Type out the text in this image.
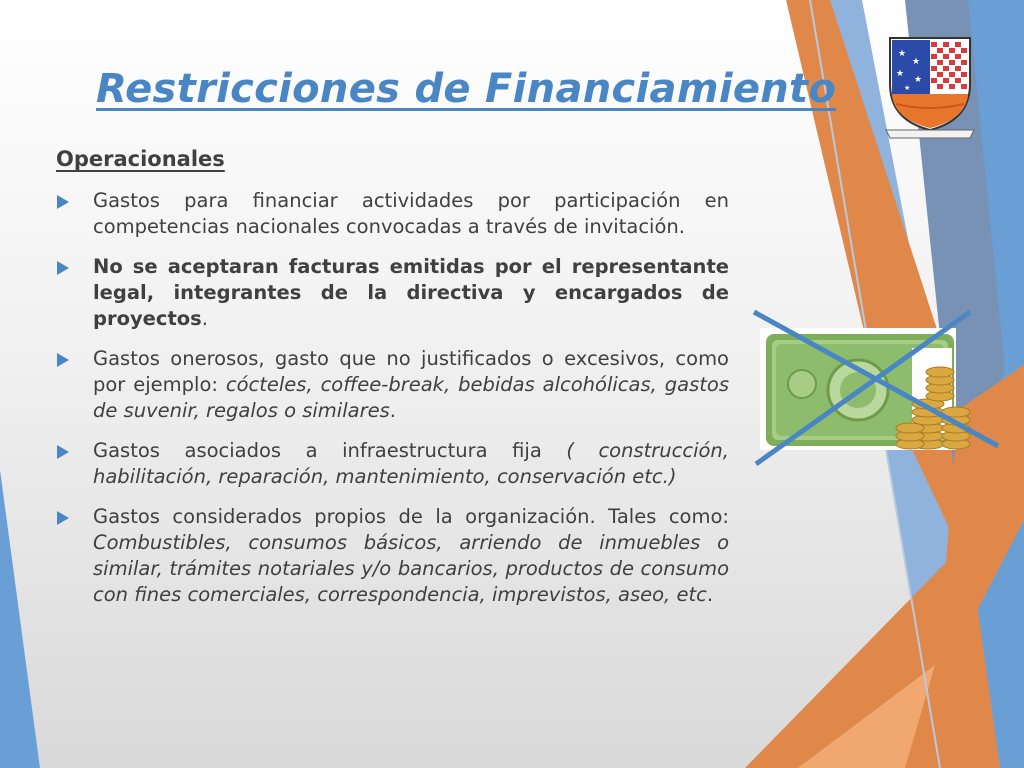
Restricciones de Financiamiento
Operacionales
Gastos para financiar actividades por participación en competencias nacionales convocadas a través de invitación.
No se aceptaran facturas emitidas por el representante legal, integrantes de la directiva y encargados de proyectos.
Gastos onerosos, gasto que no justificados o excesivos, como por ejemplo: cócteles, coffee-break, bebidas alcohólicas, gastos de suvenir, regalos o similares.
Gastos asociados a infraestructura fija ( construcción, habilitación, reparación, mantenimiento, conservación etc.)
Gastos considerados propios de la organización. Tales como: Combustibles, consumos básicos, arriendo de inmuebles o similar, trámites notariales y/o bancarios, productos de consumo con fines comerciales, correspondencia, imprevistos, aseo, etc.
★
★
★
★
★
